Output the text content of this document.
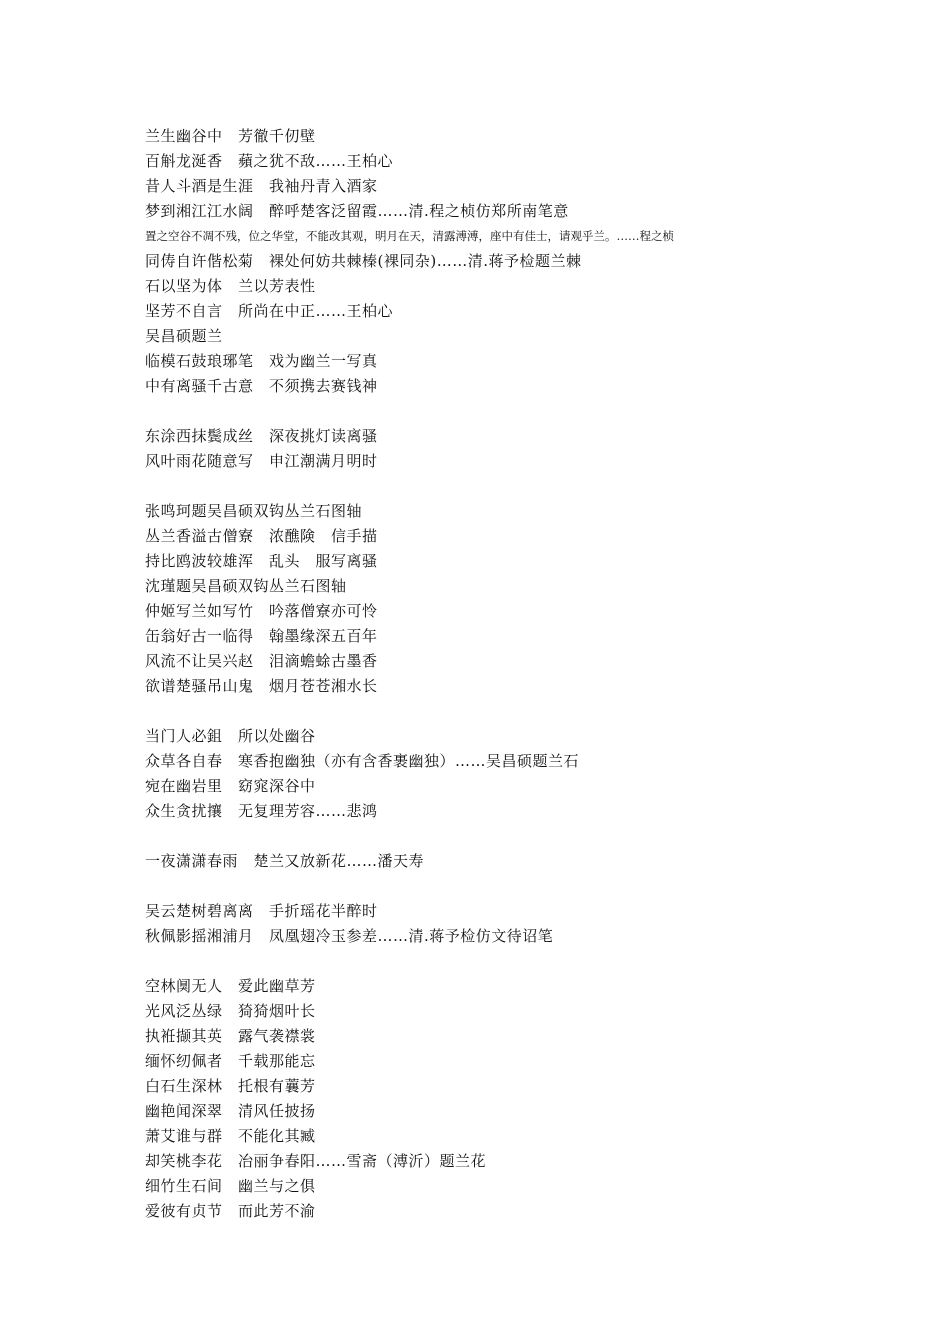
兰生幽谷中　芳徹千仞壁
百斛龙涎香　蘋之犹不敌……王柏心
昔人斗酒是生涯　我袖丹青入酒家
梦到湘江江水阔　醉呼楚客泛留霞……清.程之桢仿郑所南笔意
置之空谷不凋不残，位之华堂，不能改其观，明月在天，清露溥溥，座中有佳士，请观乎兰。……程之桢
同俦自许偕松菊　裸处何妨共棘榛(裸同杂)……清.蒋予检题兰棘
石以坚为体　兰以芳表性
坚芳不自言　所尚在中正……王柏心
吴昌硕题兰
临模石鼓琅琊笔　戏为幽兰一写真
中有离骚千古意　不须携去赛钱神
东涂西抹鬓成丝　深夜挑灯读离骚
风叶雨花随意写　申江潮满月明时
张鸣珂题吴昌硕双钩丛兰石图轴
丛兰香溢古僧寮　浓醮険　信手描
持比鸥波较雄浑　乱头　服写离骚
沈瑾题吴昌硕双钩丛兰石图轴
仲姬写兰如写竹　吟落僧寮亦可怜
缶翁好古一临得　翰墨缘深五百年
风流不让吴兴赵　泪滴蟾蜍古墨香
欲谱楚骚吊山鬼　烟月苍苍湘水长
当门人必鉏　所以处幽谷
众草各自春　寒香抱幽独（亦有含香裹幽独）……吴昌硕题兰石
宛在幽岩里　窈窕深谷中
众生贪扰攘　无复理芳容……悲鸿
一夜潇潇春雨　楚兰又放新花……潘天寿
吴云楚树碧离离　手折瑶花半醉时
秋佩影摇湘浦月　凤凰翅冷玉参差……清.蒋予检仿文待诏笔
空林阒无人　爱此幽草芳
光风泛丛绿　猗猗烟叶长
执袵撷其英　露气袭襟裳
缅怀纫佩者　千载那能忘
白石生深林　托根有蘘芳
幽艳闻深翠　清风任披扬
萧艾谁与群　不能化其臧
却笑桃李花　冶丽争春阳……雪斋（溥沂）题兰花
细竹生石间　幽兰与之俱
爱彼有贞节　而此芳不渝
